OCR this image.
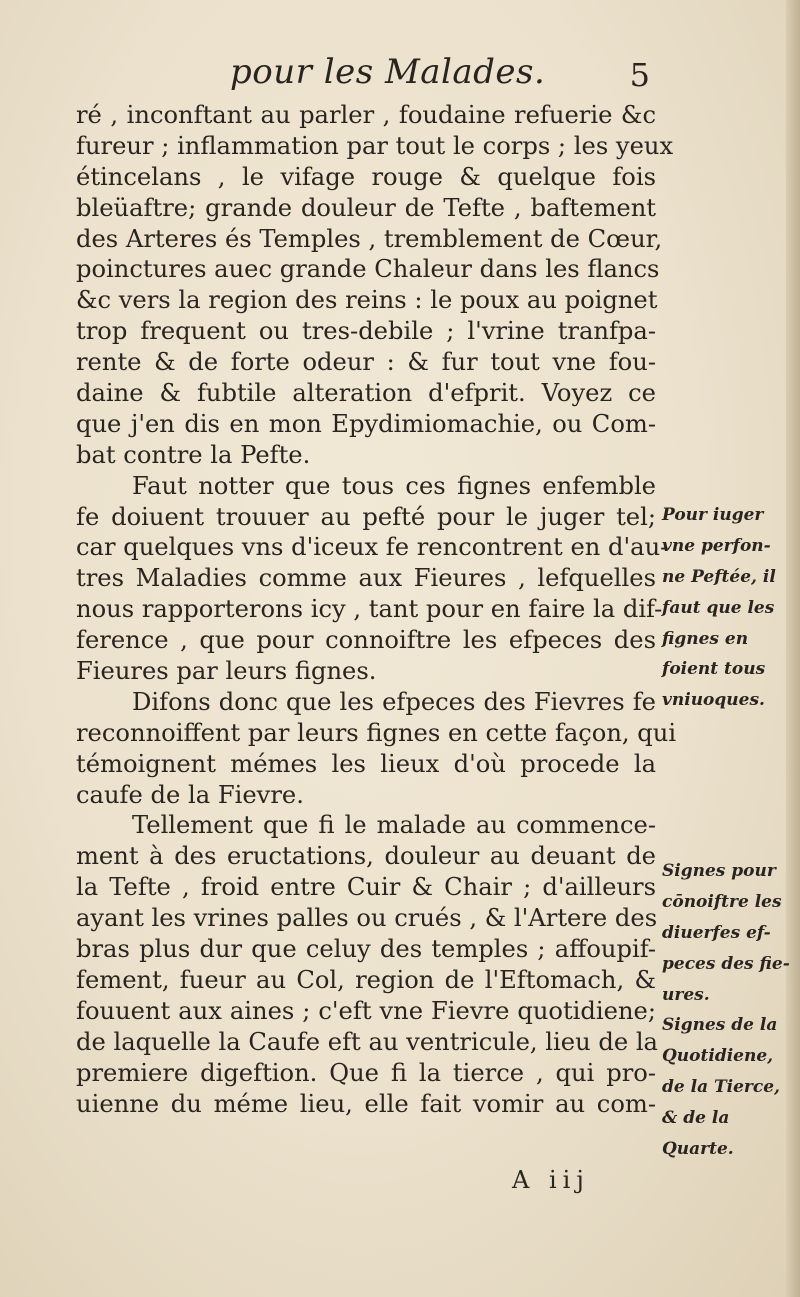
pour les Malades.	5
ré , inconftant au parler , foudaine refuerie &c
fureur ; inflammation par tout le corps ; les yeux
étincelans , le vifage rouge & quelque fois
bleüaftre; grande douleur de Tefte , baftement
des Arteres és Temples , tremblement de Cœur,
poinctures auec grande Chaleur dans les flancs
&c vers la region des reins : le poux au poignet
trop frequent ou tres-debile ; l'vrine tranfpa-
rente & de forte odeur : & fur tout vne fou-
daine & fubtile alteration d'efprit. Voyez ce
que j'en dis en mon Epydimiomachie, ou Com-
bat contre la Pefte.
Faut notter que tous ces fignes enfemble
fe doiuent trouuer au pefté pour le juger tel;
car quelques vns d'iceux fe rencontrent en d'au-
tres Maladies comme aux Fieures , lefquelles
nous rapporterons icy , tant pour en faire la dif-
ference , que pour connoiftre les efpeces des
Fieures par leurs fignes.
Difons donc que les efpeces des Fievres fe
reconnoiffent par leurs fignes en cette façon, qui
témoignent mémes les lieux d'où procede la
caufe de la Fievre.
Tellement que fi le malade au commence-
ment à des eructations, douleur au deuant de
la Tefte , froid entre Cuir & Chair ; d'ailleurs
ayant les vrines palles ou crués , & l'Artere des
bras plus dur que celuy des temples ; affoupif-
fement, fueur au Col, region de l'Eftomach, &
fouuent aux aines ; c'eft vne Fievre quotidiene;
de laquelle la Caufe eft au ventricule, lieu de la
premiere digeftion. Que fi la tierce , qui pro-
uienne du méme lieu, elle fait vomir au com-
Pour iuger
vne perfon-
ne Peftée, il
faut que les
fignes en
foient tous
vniuoques.
Signes pour
cōnoiftre les
diuerfes ef-
peces des fie-
ures.
Signes de la
Quotidiene,
de la Tierce,
& de la
Quarte.
A iij
